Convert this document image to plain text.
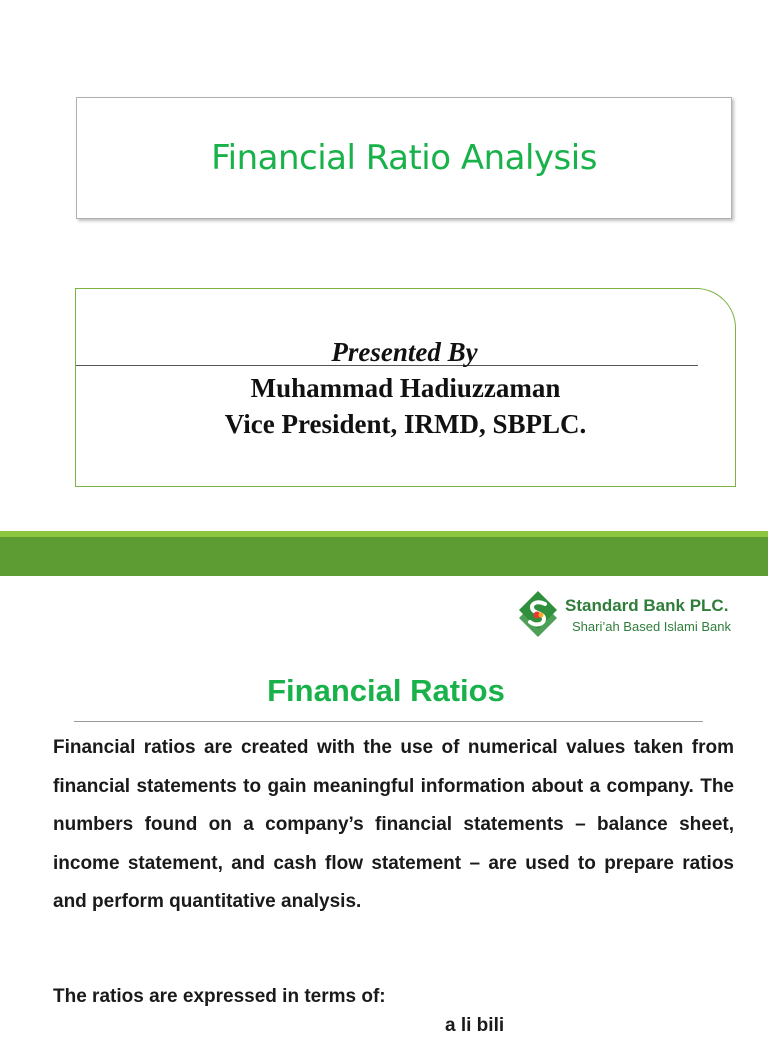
Financial Ratio Analysis
Presented By
Muhammad Hadiuzzaman
Vice President, IRMD, SBPLC.
Standard Bank PLC.
Shari’ah Based Islami Bank
Financial Ratios

Financial ratios are created with the use of numerical values taken from financial statements to gain meaningful information about a company. The numbers found on a company’s financial statements – balance sheet, income statement, and cash flow statement – are used to prepare ratios and perform quantitative analysis.

The ratios are expressed in terms of:

a li bili
